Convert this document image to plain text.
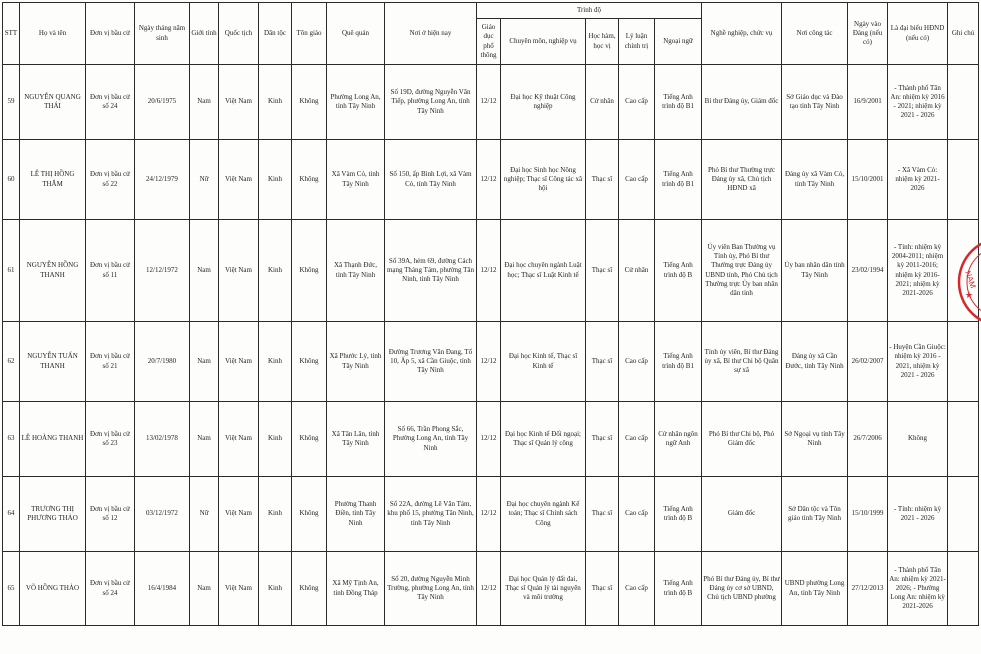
STT	Họ và tên	Đơn vị bầu cử	Ngày tháng năm sinh	Giới tính	Quốc tịch	Dân tộc	Tôn giáo	Quê quán	Nơi ở hiện nay	Trình độ					Nghề nghiệp, chức vụ	Nơi công tác	Ngày vào Đảng (nếu có)	Là đại biểu HĐND (nếu có)	Ghi chú
										Giáo dục phổ thông	Chuyên môn, nghiệp vụ	Học hàm, học vị	Lý luận chính trị	Ngoại ngữ					
59	NGUYỄN QUANG THÁI	Đơn vị bầu cử số 24	20/6/1975	Nam	Việt Nam	Kinh	Không	Phường Long An, tỉnh Tây Ninh	Số 19D, đường Nguyễn Văn Tiếp, phường Long An, tỉnh Tây Ninh	12/12	Đại học Kỹ thuật Công nghiệp	Cử nhân	Cao cấp	Tiếng Anh trình độ B1	Bí thư Đảng ủy, Giám đốc	Sở Giáo dục và Đào tạo tỉnh Tây Ninh	16/9/2001	- Thành phố Tân An: nhiệm kỳ 2016 - 2021; nhiệm kỳ 2021 - 2026	
60	LÊ THỊ HỒNG THẮM	Đơn vị bầu cử số 22	24/12/1979	Nữ	Việt Nam	Kinh	Không	Xã Vàm Cỏ, tỉnh Tây Ninh	Số 150, ấp Bình Lợi, xã Vàm Cỏ, tỉnh Tây Ninh	12/12	Đại học Sinh học Nông nghiệp; Thạc sĩ Công tác xã hội	Thạc sĩ	Cao cấp	Tiếng Anh trình độ B1	Phó Bí thư Thường trực Đảng ủy xã, Chủ tịch HĐND xã	Đảng ủy xã Vàm Cỏ, tỉnh Tây Ninh	15/10/2001	- Xã Vàm Cỏ: nhiệm kỳ 2021-2026	
61	NGUYỄN HỒNG THANH	Đơn vị bầu cử số 11	12/12/1972	Nam	Việt Nam	Kinh	Không	Xã Thạnh Đức, tỉnh Tây Ninh	Số 39A, hẻm 69, đường Cách mạng Tháng Tám, phường Tân Ninh, tỉnh Tây Ninh	12/12	Đại học chuyên ngành Luật học; Thạc sĩ Luật Kinh tế	Thạc sĩ	Cử nhân	Tiếng Anh trình độ B	Ủy viên Ban Thường vụ Tỉnh ủy, Phó Bí thư Thường trực Đảng ủy UBND tỉnh, Phó Chủ tịch Thường trực Ủy ban nhân dân tỉnh	Ủy ban nhân dân tỉnh Tây Ninh	23/02/1994	- Tỉnh: nhiệm kỳ 2004-2011; nhiệm kỳ 2011-2016; nhiệm kỳ 2016-2021; nhiệm kỳ 2021-2026	
62	NGUYỄN TUẤN THANH	Đơn vị bầu cử số 21	20/7/1980	Nam	Việt Nam	Kinh	Không	Xã Phước Lý, tỉnh Tây Ninh	Đường Trương Văn Đang, Tổ 10, Ấp 5, xã Cần Giuộc, tỉnh Tây Ninh	12/12	Đại học Kinh tế, Thạc sĩ Kinh tế	Thạc sĩ	Cao cấp	Tiếng Anh trình độ B1	Tỉnh ủy viên, Bí thư Đảng ủy xã, Bí thư Chi bộ Quân sự xã	Đảng ủy xã Cần Đước, tỉnh Tây Ninh	26/02/2007	- Huyện Cần Giuộc: nhiệm kỳ 2016 - 2021, nhiệm kỳ 2021 - 2026	
63	LÊ HOÀNG THANH	Đơn vị bầu cử số 23	13/02/1978	Nam	Việt Nam	Kinh	Không	Xã Tân Lân, tỉnh Tây Ninh	Số 66, Trần Phong Sắc, Phường Long An, tỉnh Tây Ninh	12/12	Đại học Kinh tế Đối ngoại; Thạc sĩ Quản lý công	Thạc sĩ	Cao cấp	Cử nhân ngôn ngữ Anh	Phó Bí thư Chi bộ, Phó Giám đốc	Sở Ngoại vụ tỉnh Tây Ninh	26/7/2006	Không	
64	TRƯƠNG THỊ PHƯƠNG THẢO	Đơn vị bầu cử số 12	03/12/1972	Nữ	Việt Nam	Kinh	Không	Phường Thanh Điền, tỉnh Tây Ninh	Số 22A, đường Lê Văn Tám, khu phố 15, phường Tân Ninh, tỉnh Tây Ninh	12/12	Đại học chuyên ngành Kế toán; Thạc sĩ Chính sách Công	Thạc sĩ	Cao cấp	Tiếng Anh trình độ B	Giám đốc	Sở Dân tộc và Tôn giáo tỉnh Tây Ninh	15/10/1999	- Tỉnh: nhiệm kỳ 2021 - 2026	
65	VÕ HỒNG THẢO	Đơn vị bầu cử số 24	16/4/1984	Nam	Việt Nam	Kinh	Không	Xã Mỹ Tịnh An, tỉnh Đồng Tháp	Số 20, đường Nguyễn Minh Trường, phường Long An, tỉnh Tây Ninh	12/12	Đại học Quản lý đất đai, Thạc sĩ Quản lý tài nguyên và môi trường	Thạc sĩ	Cao cấp	Tiếng Anh trình độ B	Phó Bí thư Đảng ủy, Bí thư Đảng ủy cơ sở UBND, Chủ tịch UBND phường	UBND phường Long An, tỉnh Tây Ninh	27/12/2013	- Thành phố Tân An: nhiệm kỳ 2021-2026; - Phường Long An: nhiệm kỳ 2021-2026	
NAM
★
